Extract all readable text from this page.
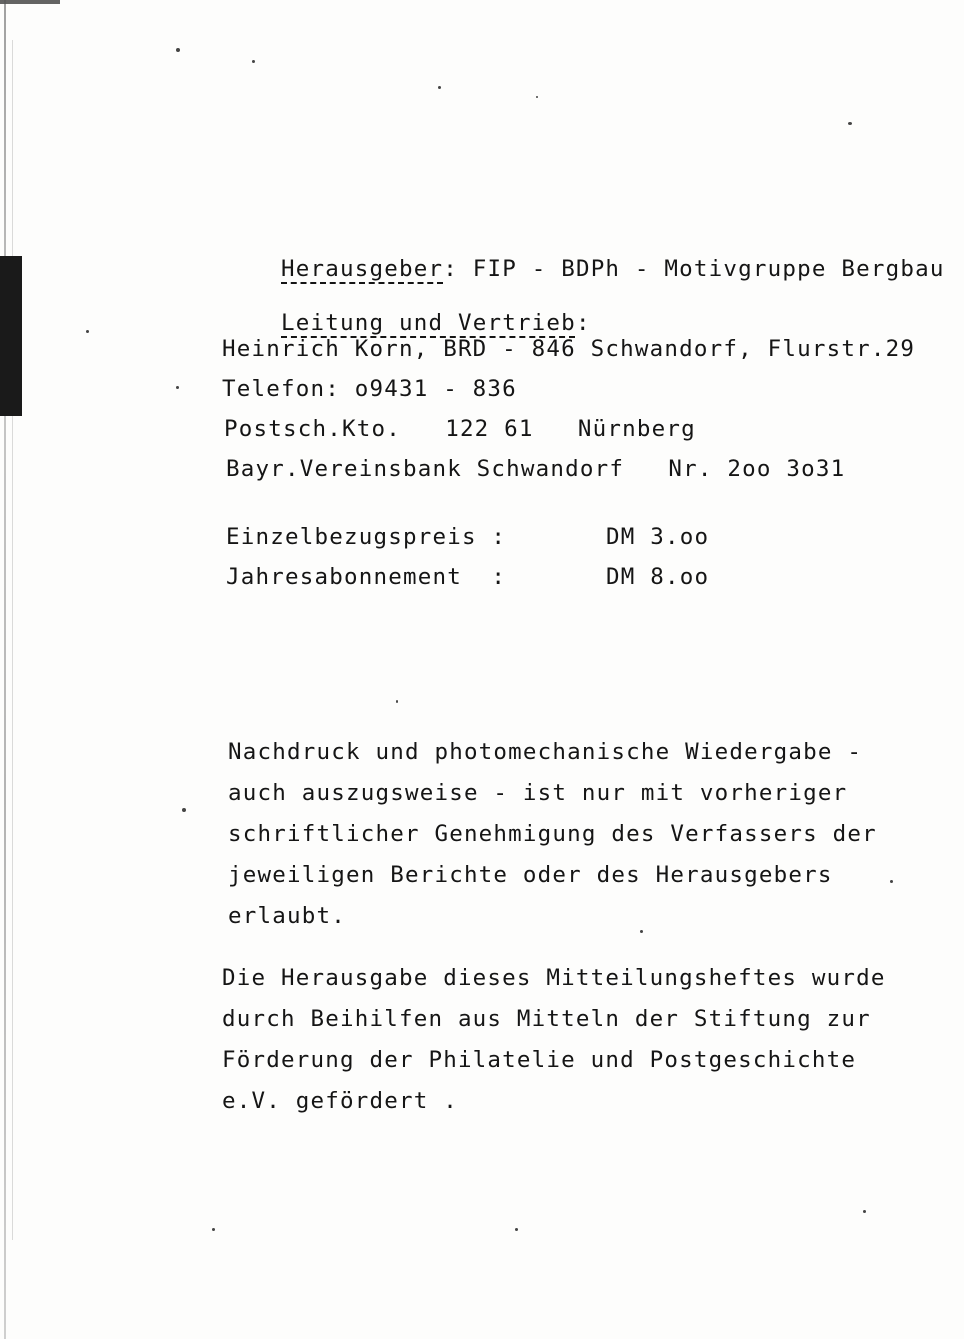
Herausgeber: FIP - BDPh - Motivgruppe Bergbau

Leitung und Vertrieb:

Heinrich Korn, BRD - 846 Schwandorf, Flurstr.29
Telefon: o9431 - 836
Postsch.Kto.   122 61   Nürnberg
Bayr.Vereinsbank Schwandorf   Nr. 2oo 3o31
Einzelbezugspreis :	DM 3.oo
Jahresabonnement  :	DM 8.oo
Nachdruck und photomechanische Wiedergabe -
auch auszugsweise - ist nur mit vorheriger
schriftlicher Genehmigung des Verfassers der
jeweiligen Berichte oder des Herausgebers
erlaubt.
Die Herausgabe dieses Mitteilungsheftes wurde
durch Beihilfen aus Mitteln der Stiftung zur
Förderung der Philatelie und Postgeschichte
e.V. gefördert .
